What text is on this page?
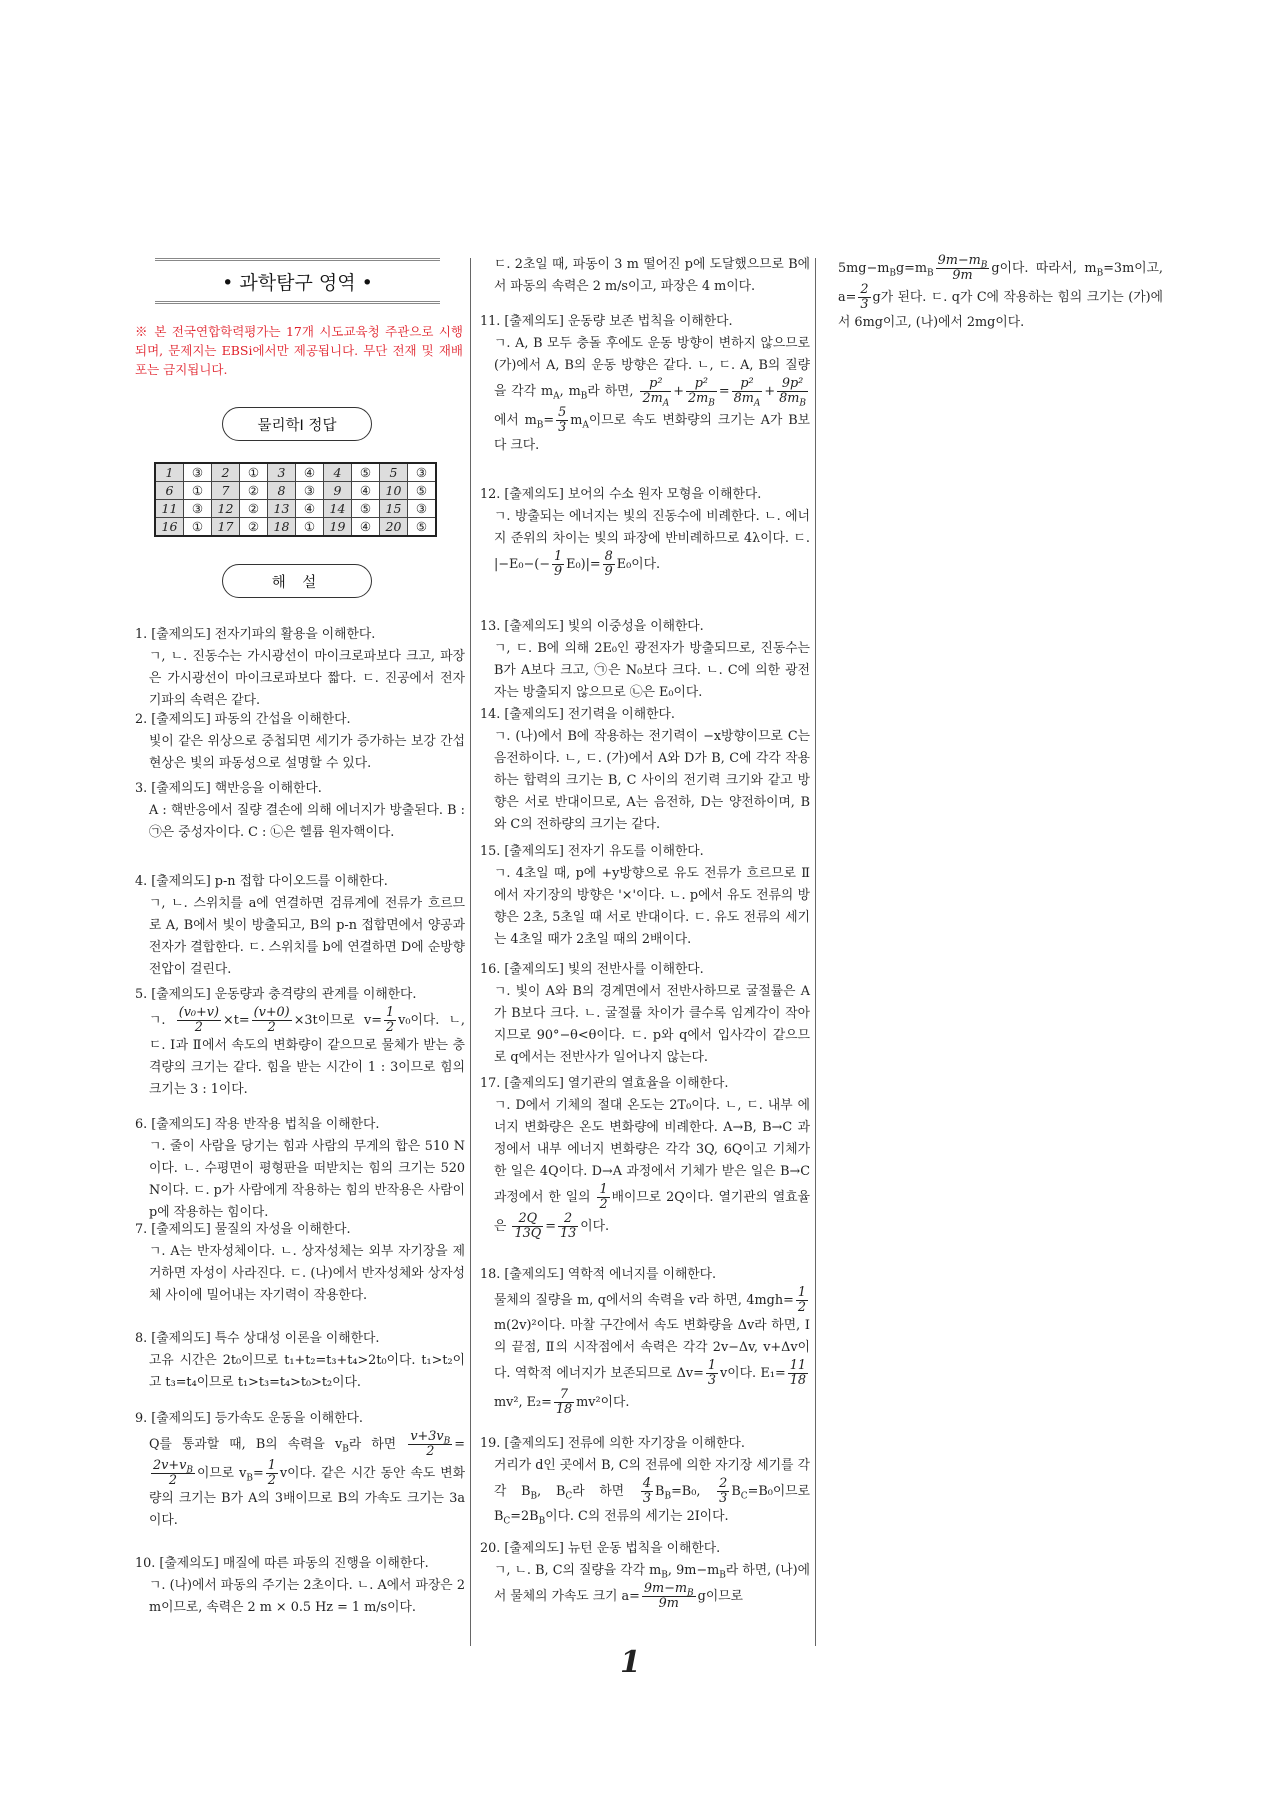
• 과학탐구 영역 •
※ 본 전국연합학력평가는 17개 시도교육청 주관으로 시행되며, 문제지는 EBSi에서만 제공됩니다. 무단 전재 및 재배포는 금지됩니다.
물리학Ⅰ 정답
1	③	2	①	3	④	4	⑤	5	③
6	①	7	②	8	③	9	④	10	⑤
11	③	12	②	13	④	14	⑤	15	③
16	①	17	②	18	①	19	④	20	⑤
해 설
1. [출제의도] 전자기파의 활용을 이해한다.
ㄱ, ㄴ. 진동수는 가시광선이 마이크로파보다 크고, 파장은 가시광선이 마이크로파보다 짧다. ㄷ. 진공에서 전자기파의 속력은 같다.
2. [출제의도] 파동의 간섭을 이해한다.
빛이 같은 위상으로 중첩되면 세기가 증가하는 보강 간섭 현상은 빛의 파동성으로 설명할 수 있다.
3. [출제의도] 핵반응을 이해한다.
A : 핵반응에서 질량 결손에 의해 에너지가 방출된다. B : ㉠은 중성자이다. C : ㉡은 헬륨 원자핵이다.
4. [출제의도] p-n 접합 다이오드를 이해한다.
ㄱ, ㄴ. 스위치를 a에 연결하면 검류계에 전류가 흐르므로 A, B에서 빛이 방출되고, B의 p-n 접합면에서 양공과 전자가 결합한다. ㄷ. 스위치를 b에 연결하면 D에 순방향 전압이 걸린다.
5. [출제의도] 운동량과 충격량의 관계를 이해한다.
ㄱ. $\frac{\text{(v₀+v)}}{2} \times t= \frac{(v+0)}{2} \times 3t$이므로 $v= \frac{1}{2} v_0$이다. ㄴ, ㄷ. Ⅰ과 Ⅱ에서 속도의 변화량이 같으므로 물체가 받는 충격량의 크기는 같다. 힘을 받는 시간이 1 : 3이므로 힘의 크기는 3 : 1이다.
6. [출제의도] 작용 반작용 법칙을 이해한다.
ㄱ. 줄이 사람을 당기는 힘과 사람의 무게의 합은 510 N이다. ㄴ. 수평면이 평형판을 떠받치는 힘의 크기는 520 N이다. ㄷ. p가 사람에게 작용하는 힘의 반작용은 사람이 p에 작용하는 힘이다.
7. [출제의도] 물질의 자성을 이해한다.
ㄱ. A는 반자성체이다. ㄴ. 상자성체는 외부 자기장을 제거하면 자성이 사라진다. ㄷ. (나)에서 반자성체와 상자성체 사이에 밀어내는 자기력이 작용한다.
8. [출제의도] 특수 상대성 이론을 이해한다.
고유 시간은 2t₀이므로 t₁+t₂=t₃+t₄>2t₀이다. t₁>t₂이고 t₃=t₄이므로 t₁>t₃=t₄>t₀>t₂이다.
9. [출제의도] 등가속도 운동을 이해한다.
Q를 통과할 때, B의 속력을 $v_B$라 하면 $\frac{v+3v_B}{2}$ =
$\frac{2v+v_B}{2}$ 이므로 $v_B= \frac{1}{2}$ v이다. 같은 시간 동안 속도 변화량의 크기는 B가 A의 3배이므로 B의 가속도 크기는 3a이다.
10. [출제의도] 매질에 따른 파동의 진행을 이해한다.
ㄱ. (나)에서 파동의 주기는 2초이다. ㄴ. A에서 파장은 2 m이므로, 속력은 2 m × 0.5 Hz = 1 m/s이다.
11. [출제의도] 운동량 보존 법칙을 이해한다.
ㄱ. A, B 모두 충돌 후에도 운동 방향이 변하지 않으므로 (가)에서 A, B의 운동 방향은 같다. ㄴ, ㄷ. A, B의 질량을 각각 $m_A$, $m_B$라 하면, $\frac{\text{p²}}{2m_A} + \frac{\text{p²}}{2m_B} = \frac{\text{p²}}{8m_A} + \frac{\text{9p²}}{8m_B}$
에서 $m_B= \frac{5}{3} m_A$이므로 속도 변화량의 크기는 A가 B보다 크다.
12. [출제의도] 보어의 수소 원자 모형을 이해한다.
ㄱ. 방출되는 에너지는 빛의 진동수에 비례한다. ㄴ. 에너지 준위의 차이는 빛의 파장에 반비례하므로 4λ이다. ㄷ. $|-E_0-(- \frac{1}{9} E_0)|= \frac{8}{9} E_0$이다.
13. [출제의도] 빛의 이중성을 이해한다.
ㄱ, ㄷ. B에 의해 2E₀인 광전자가 방출되므로, 진동수는 B가 A보다 크고, ㉠은 N₀보다 크다. ㄴ. C에 의한 광전자는 방출되지 않으므로 ㉡은 E₀이다.
14. [출제의도] 전기력을 이해한다.
ㄱ. (나)에서 B에 작용하는 전기력이 −x방향이므로 C는 음전하이다. ㄴ, ㄷ. (가)에서 A와 D가 B, C에 각각 작용하는 합력의 크기는 B, C 사이의 전기력 크기와 같고 방향은 서로 반대이므로, A는 음전하, D는 양전하이며, B와 C의 전하량의 크기는 같다.
15. [출제의도] 전자기 유도를 이해한다.
ㄱ. 4초일 때, p에 +y방향으로 유도 전류가 흐르므로 Ⅱ에서 자기장의 방향은 '×'이다. ㄴ. p에서 유도 전류의 방향은 2초, 5초일 때 서로 반대이다. ㄷ. 유도 전류의 세기는 4초일 때가 2초일 때의 2배이다.
16. [출제의도] 빛의 전반사를 이해한다.
ㄱ. 빛이 A와 B의 경계면에서 전반사하므로 굴절률은 A가 B보다 크다. ㄴ. 굴절률 차이가 클수록 임계각이 작아지므로 90°−θ<θ이다. ㄷ. p와 q에서 입사각이 같으므로 q에서는 전반사가 일어나지 않는다.
17. [출제의도] 열기관의 열효율을 이해한다.
ㄱ. D에서 기체의 절대 온도는 2T₀이다. ㄴ, ㄷ. 내부 에너지 변화량은 온도 변화량에 비례한다. A→B, B→C 과정에서 내부 에너지 변화량은 각각 3Q, 6Q이고 기체가 한 일은 4Q이다. D→A 과정에서 기체가 받은 일은 B→C 과정에서 한 일의 $\frac{1}{2}$ 배이므로 2Q이다. 열기관의 열효율은 $\frac{2Q}{13Q} = \frac{2}{13}$ 이다.
18. [출제의도] 역학적 에너지를 이해한다.
물체의 질량을 m, q에서의 속력을 v라 하면, $4mgh= \frac{1}{2}$
m(2v)²이다. 마찰 구간에서 속도 변화량을 Δv라 하면, Ⅰ의 끝점, Ⅱ의 시작점에서 속력은 각각 2v−Δv, v+Δv이다. 역학적 에너지가 보존되므로 $\Delta v= \frac{1}{3}$ v이다. $E_1= \frac{11}{18}$
mv², $E_2= \frac{7}{18} mv^2$이다.
19. [출제의도] 전류에 의한 자기장을 이해한다.
거리가 d인 곳에서 B, C의 전류에 의한 자기장 세기를 각각 $B_B$, $B_C$라 하면 $\frac{4}{3} B_B=B_0$, $\frac{2}{3} B_C=B_0$이므로 $B_C=2B_B$이다. C의 전류의 세기는 2I이다.
20. [출제의도] 뉴턴 운동 법칙을 이해한다.
ㄱ, ㄴ. B, C의 질량을 각각 $m_B$, $9m-m_B$라 하면, (나)에서 물체의 가속도 크기 $a= \frac{9m-m_B}{9m}$ g이므로
ㄷ. 2초일 때, 파동이 3 m 떨어진 p에 도달했으므로 B에서 파동의 속력은 2 m/s이고, 파장은 4 m이다.
$5mg-m_Bg=m_B \frac{9m-m_B}{9m}$ g이다. 따라서, $m_B=3m$이고, $a= \frac{2}{3}$ g가 된다. ㄷ. q가 C에 작용하는 힘의 크기는 (가)에서 6mg이고, (나)에서 2mg이다.
1
